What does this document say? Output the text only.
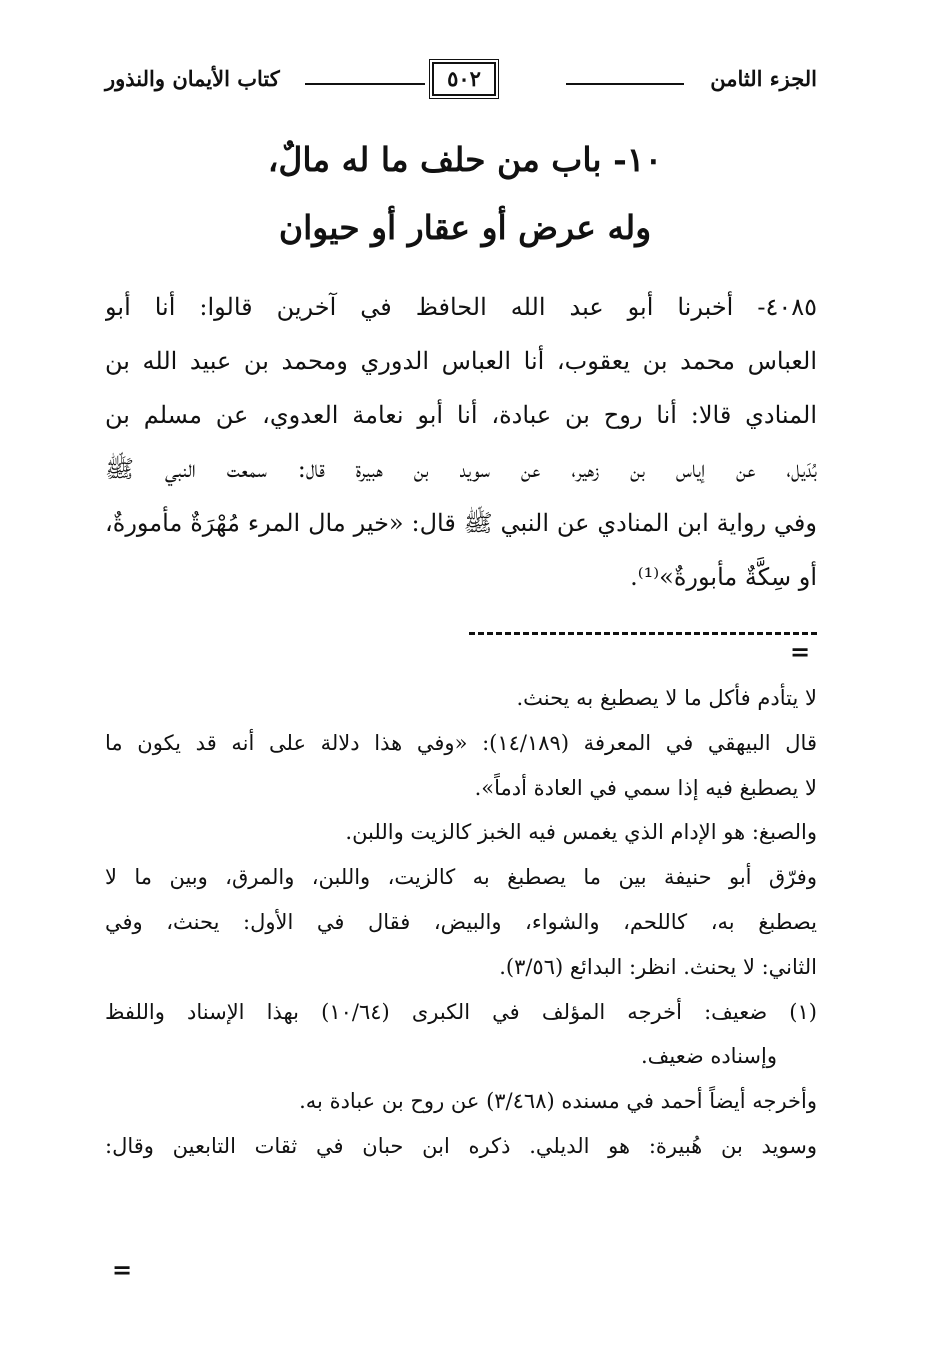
الجزء الثامن
٥٠٢
كتاب الأيمان والنذور
١٠- باب من حلف ما له مالٌ،
وله عرض أو عقار أو حيوان
٤٠٨٥- أخبرنا أبو عبد الله الحافظ في آخرين قالوا: أنا أبو
العباس محمد بن يعقوب، أنا العباس الدوري ومحمد بن عبيد الله بن
المنادي قالا: أنا روح بن عبادة، أنا أبو نعامة العدوي، عن مسلم بن
بُدَيل، عن إياس بن زهير، عن سويد بن هبيرة قال: سمعت النبي ﷺ
وفي رواية ابن المنادي عن النبي ﷺ قال: «خير مال المرء مُهْرَةٌ مأمورةٌ،
أو سِكَّةٌ مأبورةٌ»⁽¹⁾.
=
لا يتأدم فأكل ما لا يصطبغ به يحنث.
قال البيهقي في المعرفة (١٤/١٨٩): «وفي هذا دلالة على أنه قد يكون ما
لا يصطبغ فيه إذا سمي في العادة أدماً».
والصبغ: هو الإدام الذي يغمس فيه الخبز كالزيت واللبن.
وفرّق أبو حنيفة بين ما يصطبغ به كالزيت، واللبن، والمرق، وبين ما لا
يصطبغ به، كاللحم، والشواء، والبيض، فقال في الأول: يحنث، وفي
الثاني: لا يحنث. انظر: البدائع (٣/٥٦).
(١) ضعيف: أخرجه المؤلف في الكبرى (١٠/٦٤) بهذا الإسناد واللفظ
وإسناده ضعيف.
وأخرجه أيضاً أحمد في مسنده (٣/٤٦٨) عن روح بن عبادة به.
وسويد بن هُبيرة: هو الديلي. ذكره ابن حبان في ثقات التابعين وقال:
=
